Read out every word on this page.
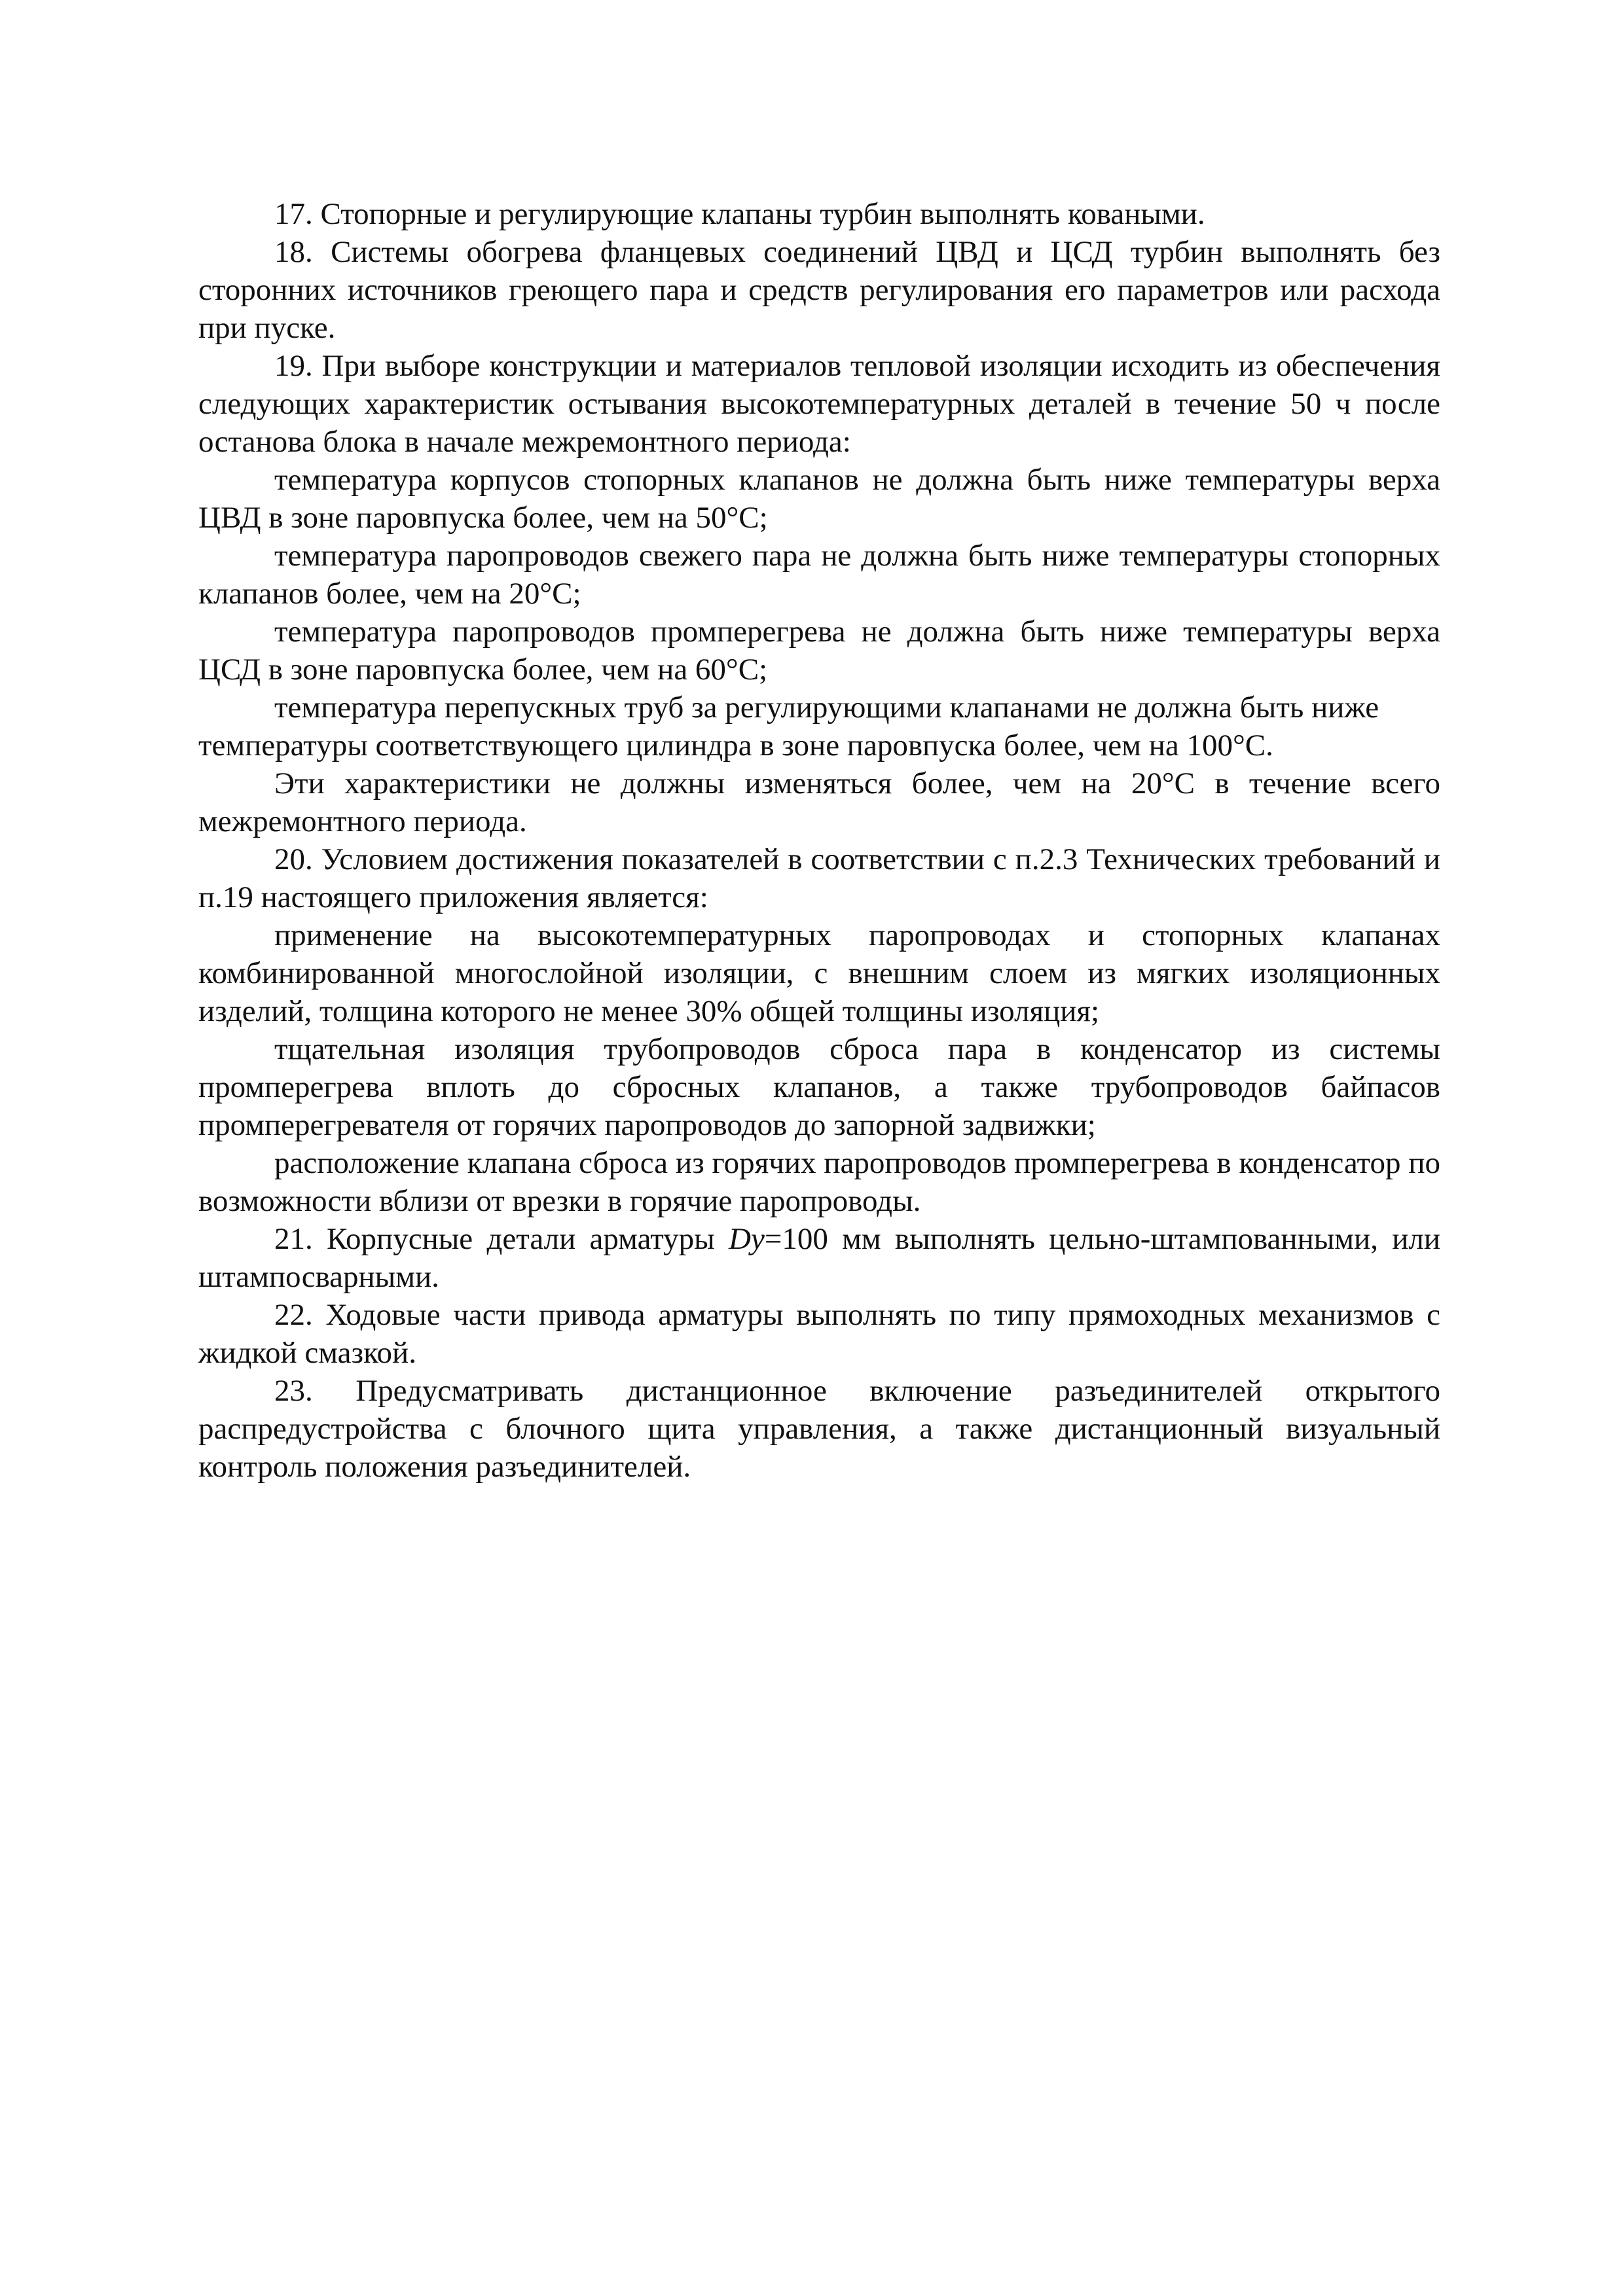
17. Стопорные и регулирующие клапаны турбин выполнять коваными.

18. Системы обогрева фланцевых соединений ЦВД и ЦСД турбин выполнять без сторонних источников греющего пара и средств регулирования его параметров или расхода при пуске.

19. При выборе конструкции и материалов тепловой изоляции исходить из обеспечения следующих характеристик остывания высокотемпературных деталей в течение 50 ч после останова блока в начале межремонтного периода:

температура корпусов стопорных клапанов не должна быть ниже температуры верха ЦВД в зоне паровпуска более, чем на 50°С;

температура паропроводов свежего пара не должна быть ниже температуры стопорных клапанов более, чем на 20°С;

температура паропроводов промперегрева не должна быть ниже температуры верха ЦСД в зоне паровпуска более, чем на 60°С;

температура перепускных труб за регулирующими клапанами не должна быть ниже температуры соответствующего цилиндра в зоне паровпуска более, чем на 100°С.

Эти характеристики не должны изменяться более, чем на 20°С в течение всего межремонтного периода.

20. Условием достижения показателей в соответствии с п.2.3 Технических требований и п.19 настоящего приложения является:

применение на высокотемпературных паропроводах и стопорных клапанах комбинированной многослойной изоляции, с внешним слоем из мягких изоляционных изделий, толщина которого не менее 30% общей толщины изоляция;

тщательная изоляция трубопроводов сброса пара в конденсатор из системы промперегрева вплоть до сбросных клапанов, а также трубопроводов байпасов промперегревателя от горячих паропроводов до запорной задвижки;

расположение клапана сброса из горячих паропроводов промперегрева в конденсатор по возможности вблизи от врезки в горячие паропроводы.

21. Корпусные детали арматуры Dу=100 мм выполнять цельно-штампованными, или штампосварными.

22. Ходовые части привода арматуры выполнять по типу прямоходных механизмов с жидкой смазкой.

23. Предусматривать дистанционное включение разъединителей открытого распредустройства с блочного щита управления, а также дистанционный визуальный контроль положения разъединителей.
